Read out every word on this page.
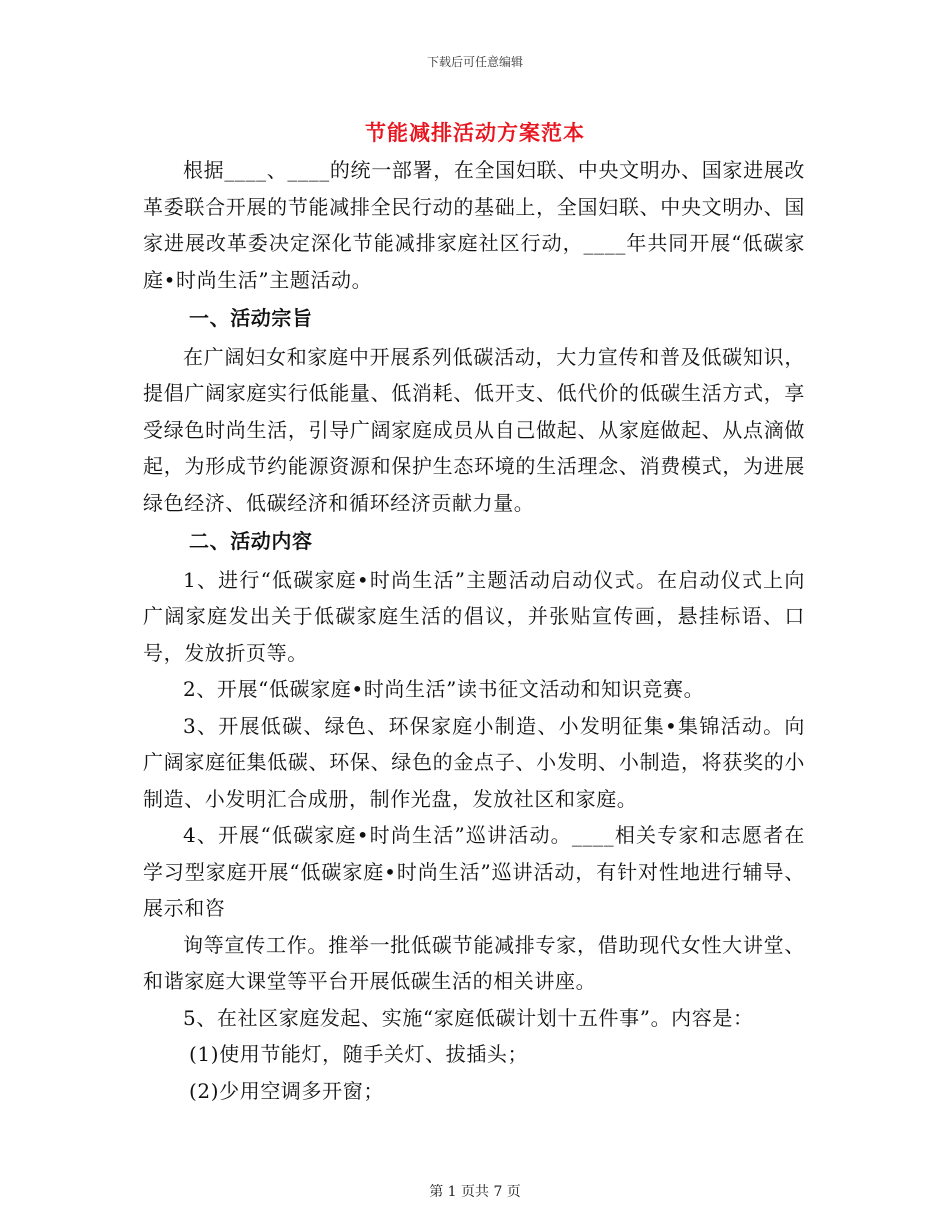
下载后可任意编辑
节能减排活动方案范本

根据____、____的统一部署，在全国妇联、中央文明办、国家进展改革委联合开展的节能减排全民行动的基础上，全国妇联、中央文明办、国家进展改革委决定深化节能减排家庭社区行动，____年共同开展“低碳家庭•时尚生活”主题活动。

一、活动宗旨

在广阔妇女和家庭中开展系列低碳活动，大力宣传和普及低碳知识，提倡广阔家庭实行低能量、低消耗、低开支、低代价的低碳生活方式，享受绿色时尚生活，引导广阔家庭成员从自己做起、从家庭做起、从点滴做起，为形成节约能源资源和保护生态环境的生活理念、消费模式，为进展绿色经济、低碳经济和循环经济贡献力量。

二、活动内容

1、进行“低碳家庭•时尚生活”主题活动启动仪式。在启动仪式上向广阔家庭发出关于低碳家庭生活的倡议，并张贴宣传画，悬挂标语、口号，发放折页等。

2、开展“低碳家庭•时尚生活”读书征文活动和知识竞赛。

3、开展低碳、绿色、环保家庭小制造、小发明征集•集锦活动。向广阔家庭征集低碳、环保、绿色的金点子、小发明、小制造，将获奖的小制造、小发明汇合成册，制作光盘，发放社区和家庭。

4、开展“低碳家庭•时尚生活”巡讲活动。____相关专家和志愿者在学习型家庭开展“低碳家庭•时尚生活”巡讲活动，有针对性地进行辅导、展示和咨

询等宣传工作。推举一批低碳节能减排专家，借助现代女性大讲堂、和谐家庭大课堂等平台开展低碳生活的相关讲座。

5、在社区家庭发起、实施“家庭低碳计划十五件事”。内容是：

(1)使用节能灯，随手关灯、拔插头；

(2)少用空调多开窗；

第 1 页共 7 页
